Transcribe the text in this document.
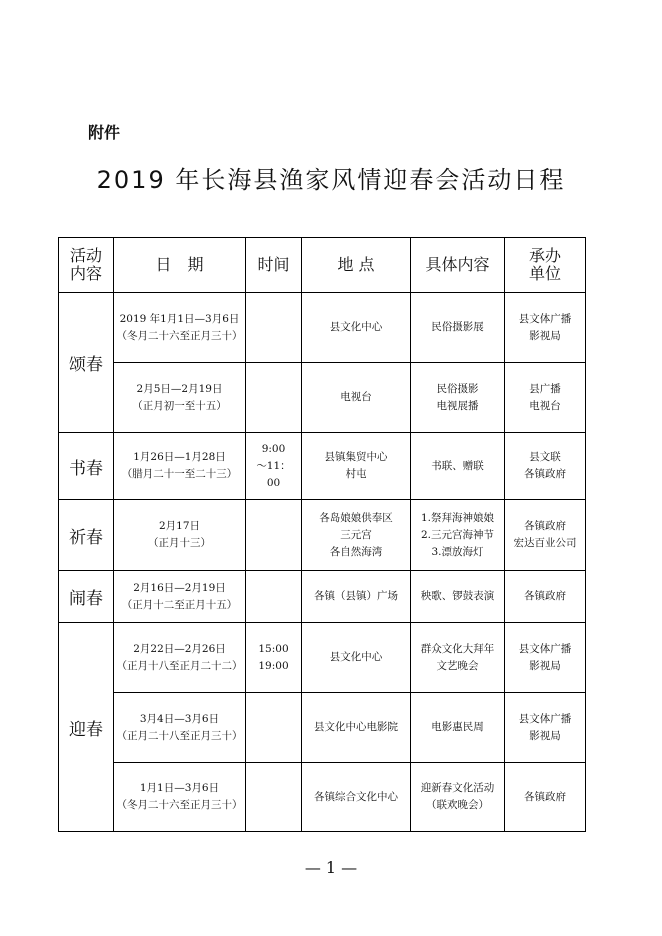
附件
2019 年长海县渔家风情迎春会活动日程
活动
内容	日　期	时间	地 点	具体内容	承办
单位

颂春	2019 年1月1日—3月6日
（冬月二十六至正月三十）		县文化中心	民俗摄影展	县文体广播
影视局

	2月5日—2月19日
（正月初一至十五）		电视台	民俗摄影
电视展播	县广播
电视台

书春	1月26日—1月28日
（腊月二十一至二十三）	9:00
～11：
00	县镇集贸中心
村屯	书联、赠联	县文联
各镇政府

祈春	2月17日
（正月十三）		各岛娘娘供奉区
三元宫
各自然海湾	1.祭拜海神娘娘
2.三元宫海神节
3.漂放海灯	各镇政府
宏达百业公司

闹春	2月16日—2月19日
（正月十二至正月十五）		各镇（县镇）广场	秧歌、锣鼓表演	各镇政府

迎春	2月22日—2月26日
（正月十八至正月二十二）	15:00
19:00	县文化中心	群众文化大拜年
文艺晚会	县文体广播
影视局

	3月4日—3月6日
（正月二十八至正月三十）		县文化中心电影院	电影惠民周	县文体广播
影视局

	1月1日—3月6日
（冬月二十六至正月三十）		各镇综合文化中心	迎新春文化活动
（联欢晚会）	各镇政府
— 1 —
